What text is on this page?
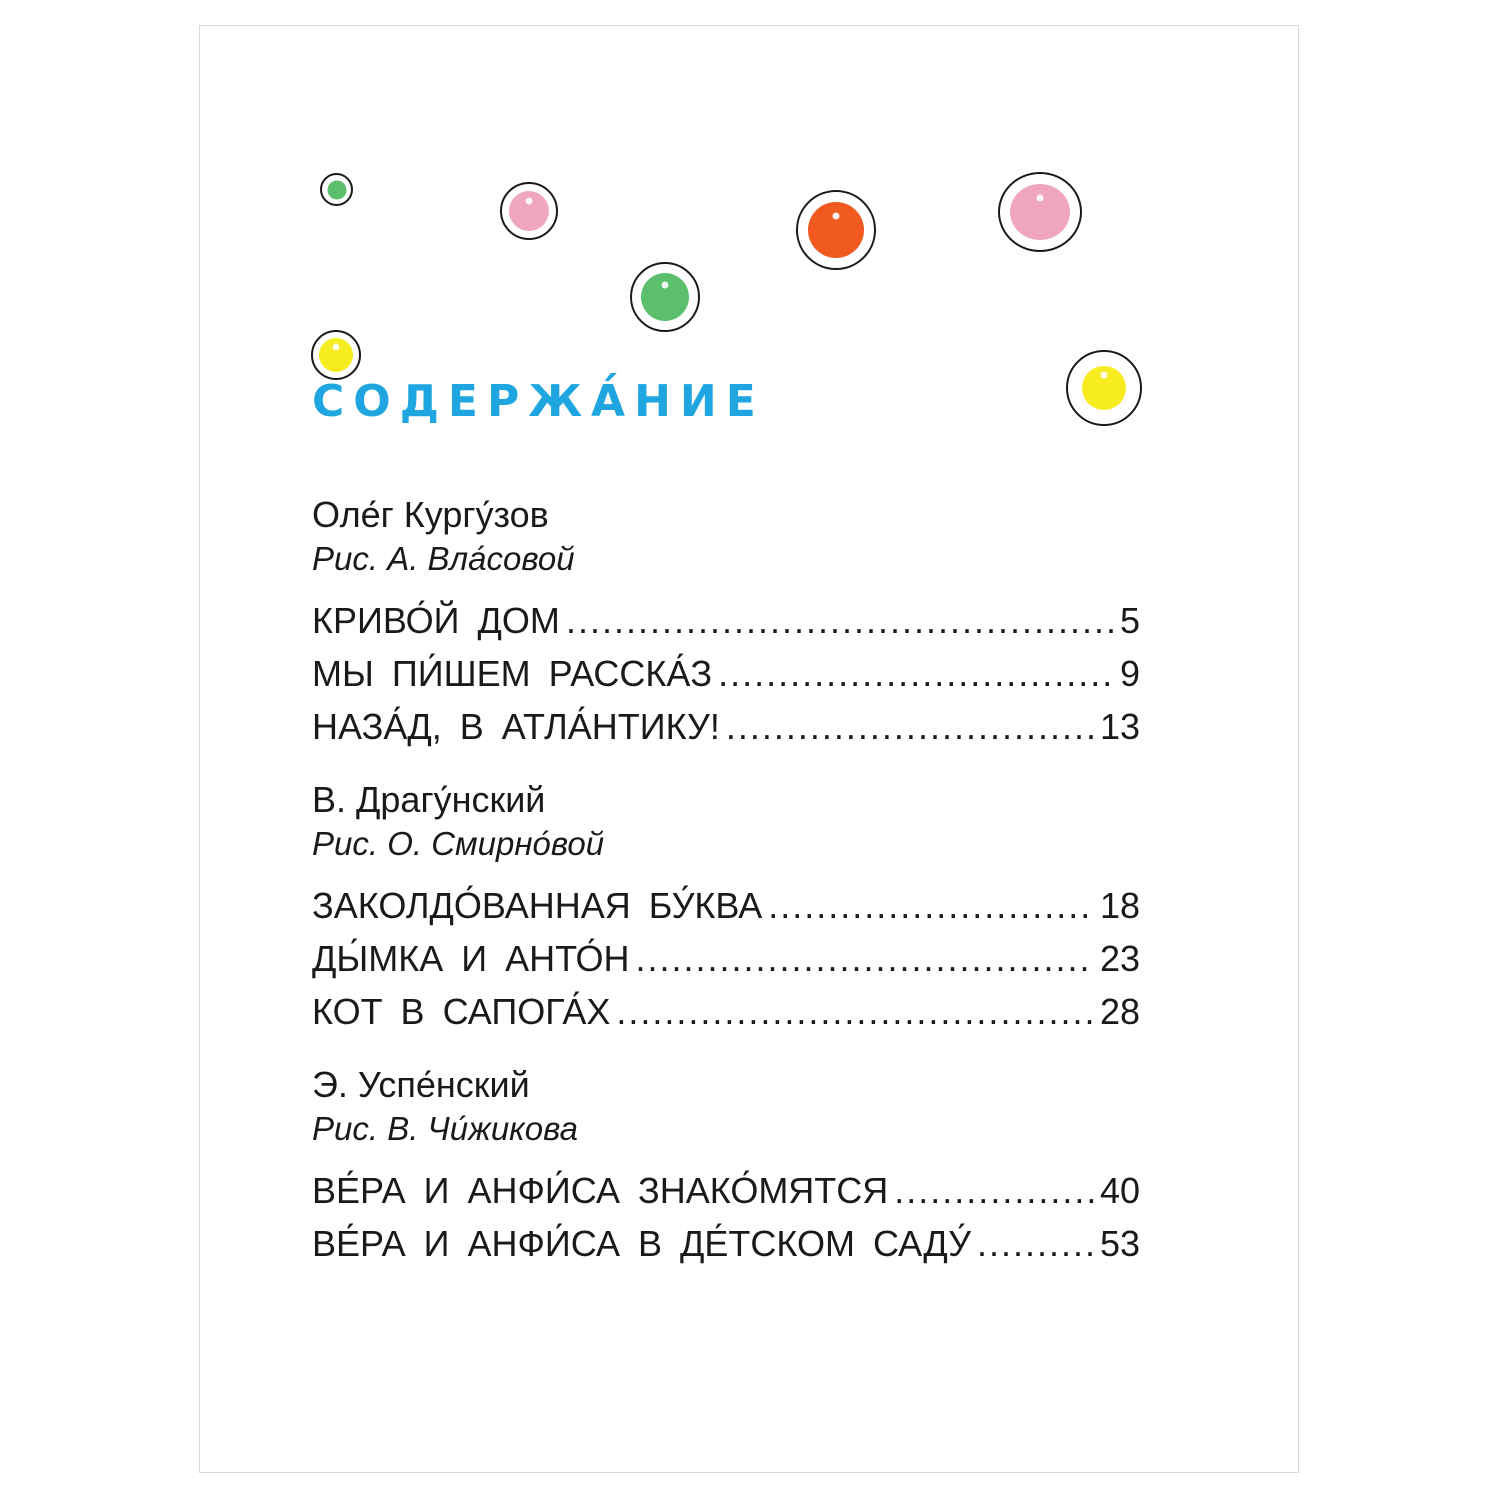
СОДЕРЖА́НИЕ
Оле́г Кургу́зов
Рис. А. Вла́совой
КРИВО́Й ДОМ .....	5
МЫ ПИ́ШЕМ РАССКА́З .....	9
НАЗА́Д, В АТЛА́НТИКУ! .....	13
В. Драгу́нский
Рис. О. Смирно́вой
ЗАКОЛДО́ВАННАЯ БУ́КВА .....	18
ДЫ́МКА И АНТО́Н .....	23
КОТ В САПОГА́Х .....	28
Э. Успе́нский
Рис. В. Чи́жикова
ВЕ́РА И АНФИ́СА ЗНАКО́МЯТСЯ .....	40
ВЕ́РА И АНФИ́СА В ДЕ́ТСКОМ САДУ́ .....	53
